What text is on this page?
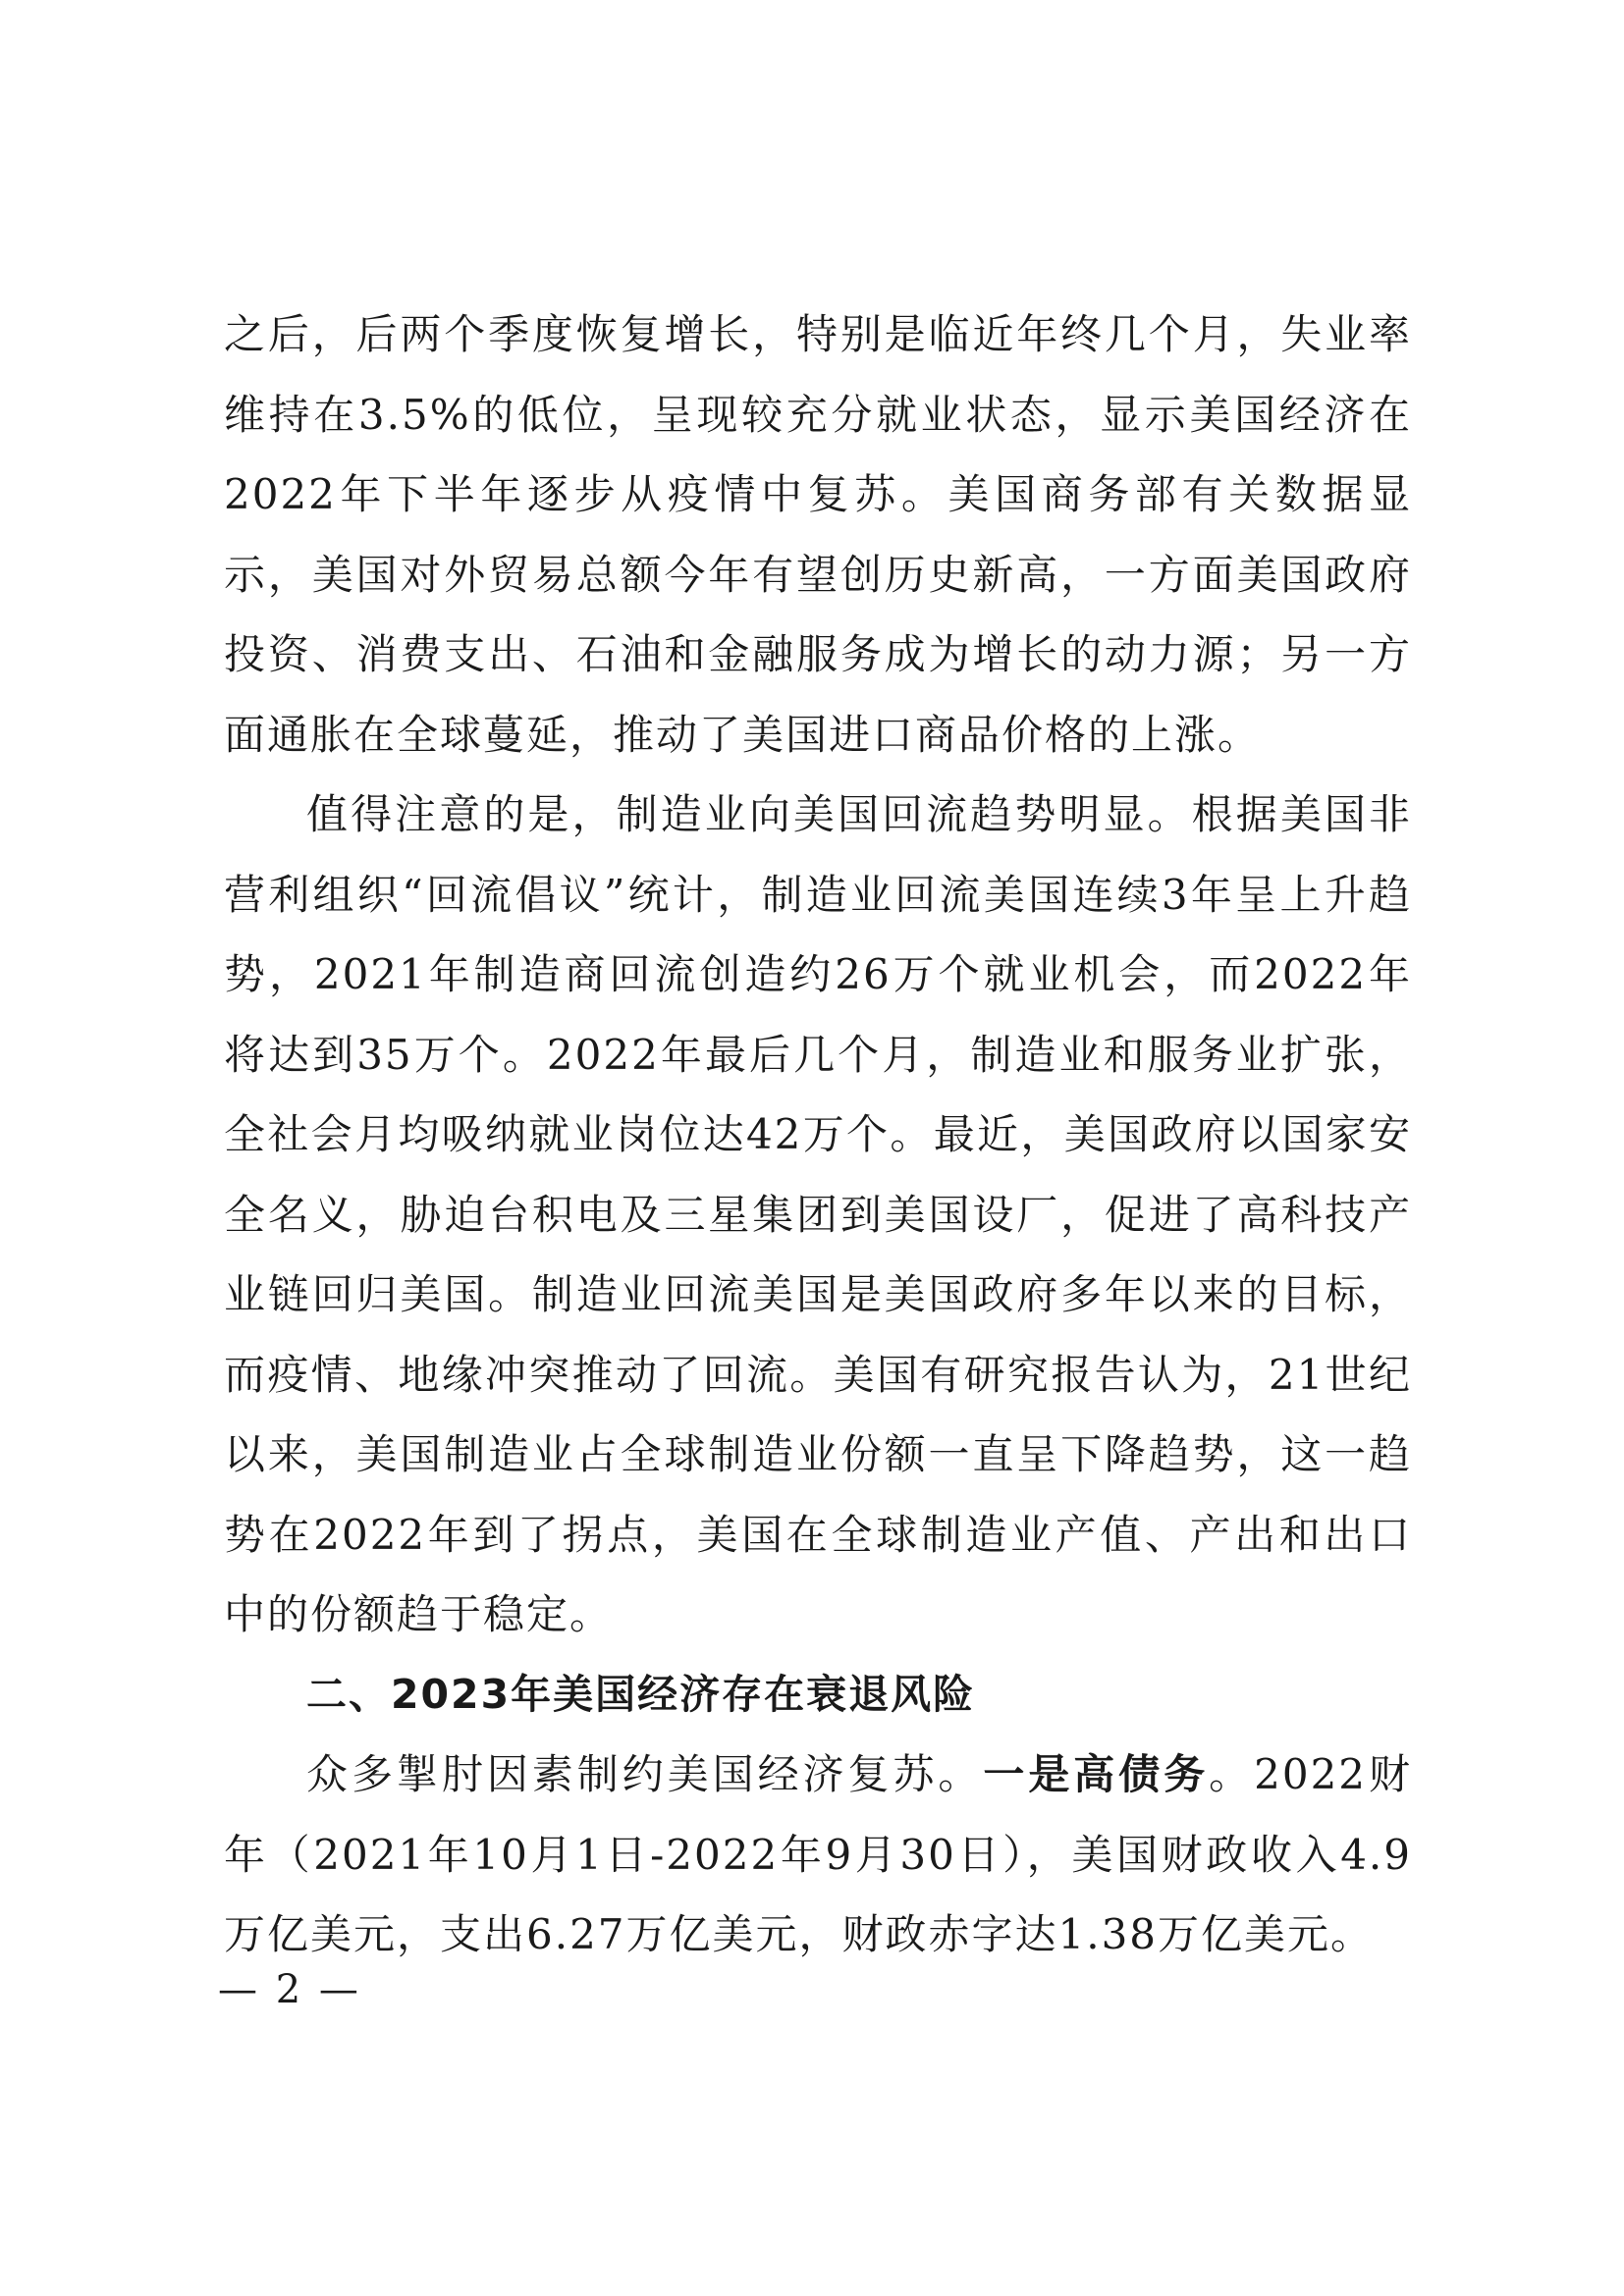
之后，后两个季度恢复增长，特别是临近年终几个月，失业率维持在3.5%的低位，呈现较充分就业状态，显示美国经济在2022年下半年逐步从疫情中复苏。美国商务部有关数据显示，美国对外贸易总额今年有望创历史新高，一方面美国政府投资、消费支出、石油和金融服务成为增长的动力源；另一方面通胀在全球蔓延，推动了美国进口商品价格的上涨。

值得注意的是，制造业向美国回流趋势明显。根据美国非营利组织“回流倡议”统计，制造业回流美国连续3年呈上升趋势，2021年制造商回流创造约26万个就业机会，而2022年将达到35万个。2022年最后几个月，制造业和服务业扩张，全社会月均吸纳就业岗位达42万个。最近，美国政府以国家安全名义，胁迫台积电及三星集团到美国设厂，促进了高科技产业链回归美国。制造业回流美国是美国政府多年以来的目标，而疫情、地缘冲突推动了回流。美国有研究报告认为，21世纪以来，美国制造业占全球制造业份额一直呈下降趋势，这一趋势在2022年到了拐点，美国在全球制造业产值、产出和出口中的份额趋于稳定。

二、2023年美国经济存在衰退风险

众多掣肘因素制约美国经济复苏。一是高债务。2022财年（2021年10月1日-2022年9月30日），美国财政收入4.9万亿美元，支出6.27万亿美元，财政赤字达1.38万亿美元。

— 2 —
